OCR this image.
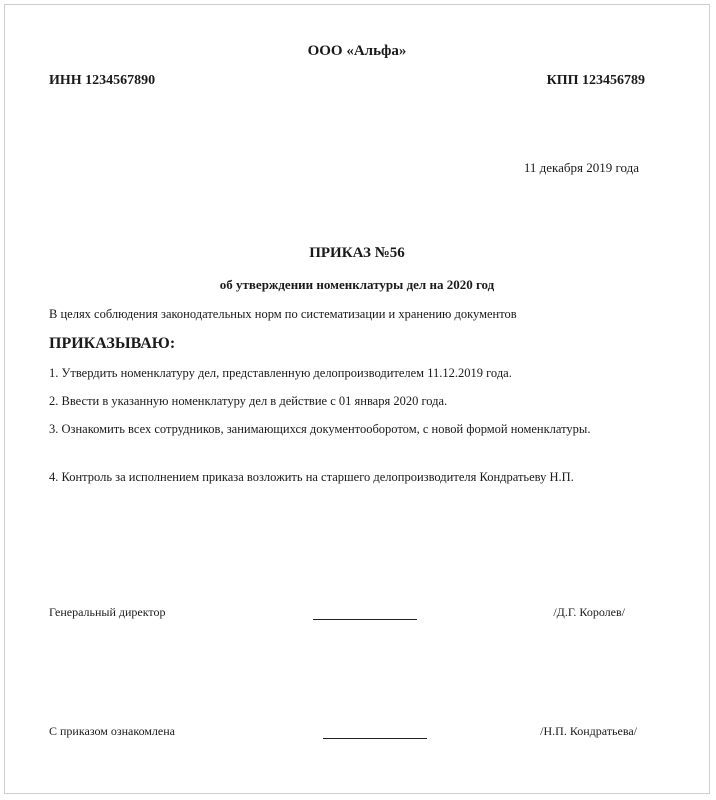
ООО «Альфа»
ИНН 1234567890	КПП 123456789
11 декабря 2019 года
ПРИКАЗ №56
об утверждении номенклатуры дел на 2020 год
В целях соблюдения законодательных норм по систематизации и хранению документов
ПРИКАЗЫВАЮ:
1. Утвердить номенклатуру дел, представленную делопроизводителем 11.12.2019 года.
2. Ввести в указанную номенклатуру дел в действие с 01 января 2020 года.
3. Ознакомить всех сотрудников, занимающихся документооборотом, с новой формой номенклатуры.
4. Контроль за исполнением приказа возложить на старшего делопроизводителя Кондратьеву Н.П.
Генеральный директор	/Д.Г. Королев/
С приказом ознакомлена	/Н.П. Кондратьева/
